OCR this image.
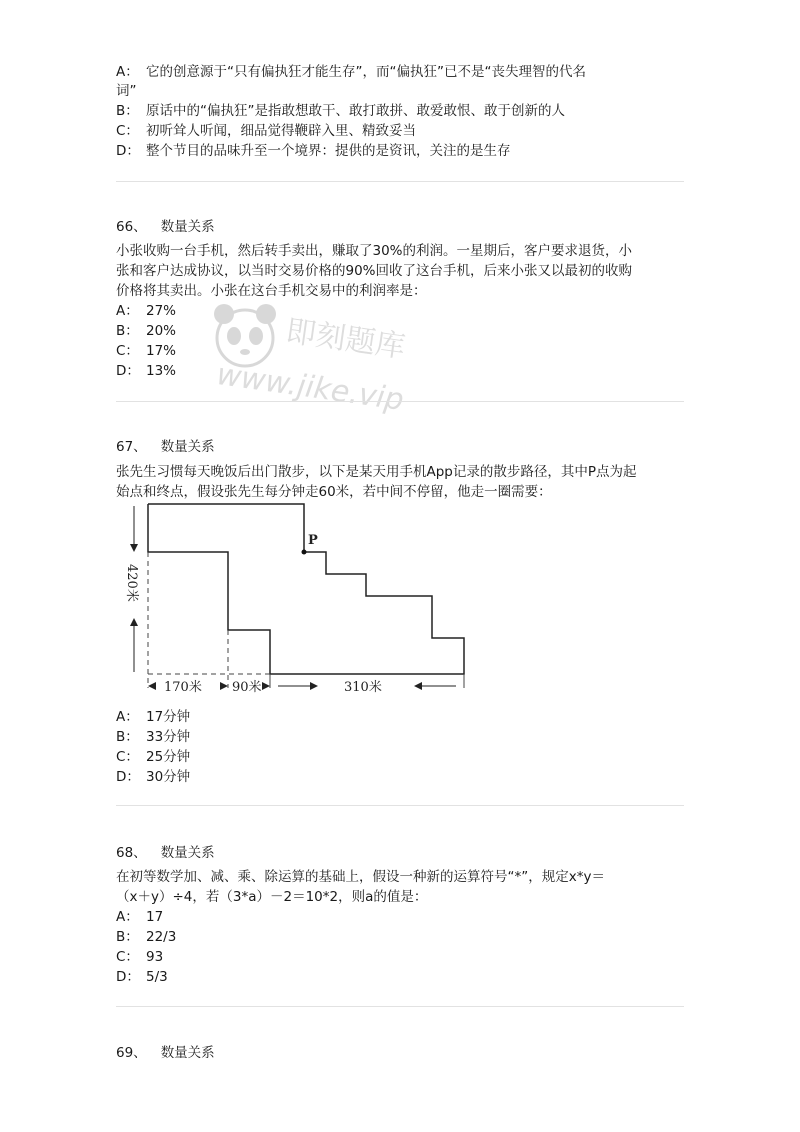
A： 它的创意源于“只有偏执狂才能生存”，而“偏执狂”已不是“丧失理智的代名
词”
B： 原话中的“偏执狂”是指敢想敢干、敢打敢拼、敢爱敢恨、敢于创新的人
C： 初听耸人听闻，细品觉得鞭辟入里、精致妥当
D： 整个节目的品味升至一个境界：提供的是资讯，关注的是生存
66、 数量关系
小张收购一台手机，然后转手卖出，赚取了30%的利润。一星期后，客户要求退货，小
张和客户达成协议，以当时交易价格的90%回收了这台手机，后来小张又以最初的收购
价格将其卖出。小张在这台手机交易中的利润率是：
A： 27%
B： 20%
C： 17%
D： 13%
即刻题库
www.jike.vip
67、 数量关系
张先生习惯每天晚饭后出门散步，以下是某天用手机App记录的散步路径，其中P点为起
始点和终点，假设张先生每分钟走60米，若中间不停留，他走一圈需要：
P
420米
170米 90米	310米
A： 17分钟
B： 33分钟
C： 25分钟
D： 30分钟
68、 数量关系
在初等数学加、减、乘、除运算的基础上，假设一种新的运算符号“*”，规定x*y＝
（x＋y）÷4，若（3*a）－2＝10*2，则a的值是：
A： 17
B： 22/3
C： 93
D： 5/3
69、 数量关系
